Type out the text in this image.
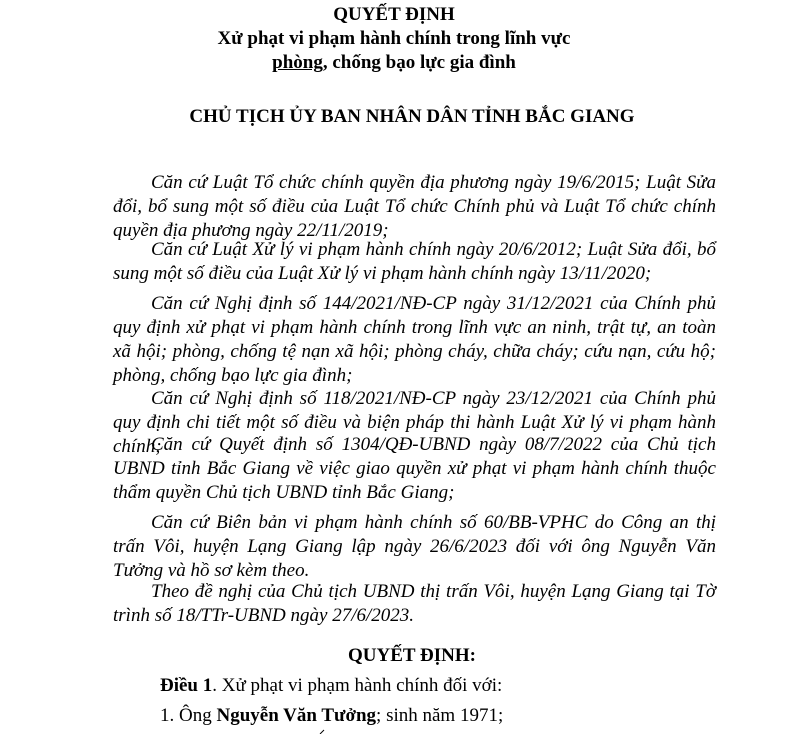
QUYẾT ĐỊNH
Xử phạt vi phạm hành chính trong lĩnh vực
phòng, chống bạo lực gia đình
CHỦ TỊCH ỦY BAN NHÂN DÂN TỈNH BẮC GIANG
Căn cứ Luật Tổ chức chính quyền địa phương ngày 19/6/2015; Luật Sửa đổi, bổ sung một số điều của Luật Tổ chức Chính phủ và Luật Tổ chức chính quyền địa phương ngày 22/11/2019;
Căn cứ Luật Xử lý vi phạm hành chính ngày 20/6/2012; Luật Sửa đổi, bổ sung một số điều của Luật Xử lý vi phạm hành chính ngày 13/11/2020;
Căn cứ Nghị định số 144/2021/NĐ-CP ngày 31/12/2021 của Chính phủ quy định xử phạt vi phạm hành chính trong lĩnh vực an ninh, trật tự, an toàn xã hội; phòng, chống tệ nạn xã hội; phòng cháy, chữa cháy; cứu nạn, cứu hộ; phòng, chống bạo lực gia đình;
Căn cứ Nghị định số 118/2021/NĐ-CP ngày 23/12/2021 của Chính phủ quy định chi tiết một số điều và biện pháp thi hành Luật Xử lý vi phạm hành chính;
Căn cứ Quyết định số 1304/QĐ-UBND ngày 08/7/2022 của Chủ tịch UBND tỉnh Bắc Giang về việc giao quyền xử phạt vi phạm hành chính thuộc thẩm quyền Chủ tịch UBND tỉnh Bắc Giang;
Căn cứ Biên bản vi phạm hành chính số 60/BB-VPHC do Công an thị trấn Vôi, huyện Lạng Giang lập ngày 26/6/2023 đối với ông Nguyễn Văn Tưởng và hồ sơ kèm theo.
Theo đề nghị của Chủ tịch UBND thị trấn Vôi, huyện Lạng Giang tại Tờ trình số 18/TTr-UBND ngày 27/6/2023.
QUYẾT ĐỊNH:
Điều 1. Xử phạt vi phạm hành chính đối với:
1. Ông Nguyễn Văn Tưởng; sinh năm 1971;
